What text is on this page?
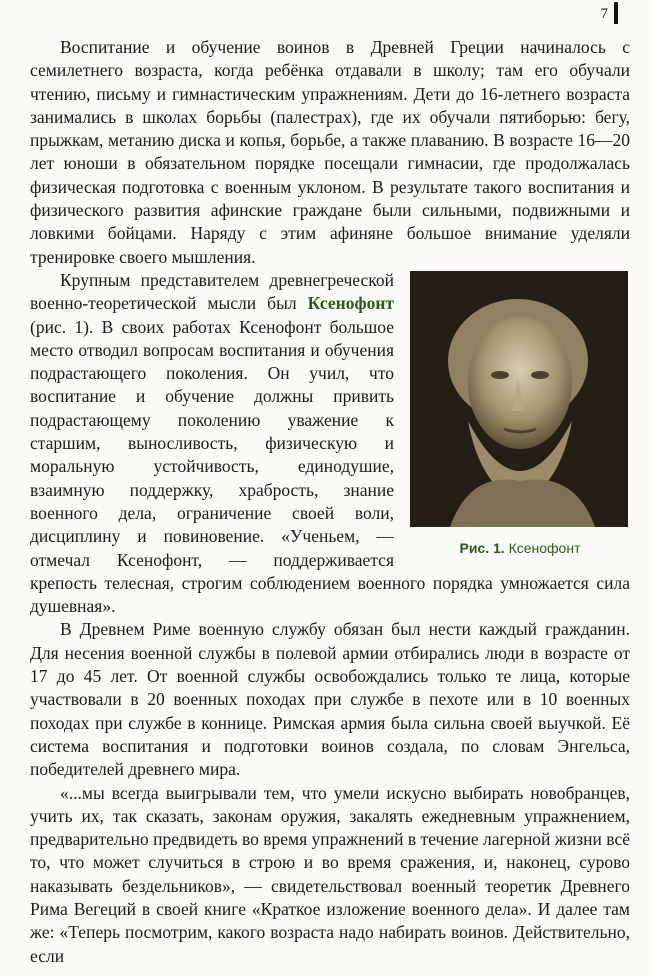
7

Воспитание и обучение воинов в Древней Греции начиналось с семилетнего возраста, когда ребёнка отдавали в школу; там его обучали чтению, письму и гимнастическим упражнениям. Дети до 16-летнего возраста занимались в школах борьбы (палестрах), где их обучали пятиборью: бегу, прыжкам, метанию диска и копья, борьбе, а также плаванию. В возрасте 16—20 лет юноши в обязательном порядке посещали гимнасии, где продолжалась физическая подготовка с военным уклоном. В результате такого воспитания и физического развития афинские граждане были сильными, подвижными и ловкими бойцами. Наряду с этим афиняне большое внимание уделяли тренировке своего мышления.

Рис. 1. Ксенофонт

Крупным представителем древнегреческой военно-теоретической мысли был Ксенофонт (рис. 1). В своих работах Ксенофонт большое место отводил вопросам воспитания и обучения подрастающего поколения. Он учил, что воспитание и обучение должны привить подрастающему поколению уважение к старшим, выносливость, физическую и моральную устойчивость, единодушие, взаимную поддержку, храбрость, знание военного дела, ограничение своей воли, дисциплину и повиновение. «Ученьем, — отмечал Ксенофонт, — поддерживается крепость телесная, строгим соблюдением военного порядка умножается сила душевная».

В Древнем Риме военную службу обязан был нести каждый гражданин. Для несения военной службы в полевой армии отбирались люди в возрасте от 17 до 45 лет. От военной службы освобождались только те лица, которые участвовали в 20 военных походах при службе в пехоте или в 10 военных походах при службе в коннице. Римская армия была сильна своей выучкой. Её система воспитания и подготовки воинов создала, по словам Энгельса, победителей древнего мира.

«...мы всегда выигрывали тем, что умели искусно выбирать новобранцев, учить их, так сказать, законам оружия, закалять ежедневным упражнением, предварительно предвидеть во время упражнений в течение лагерной жизни всё то, что может случиться в строю и во время сражения, и, наконец, сурово наказывать бездельников», — свидетельствовал военный теоретик Древнего Рима Вегеций в своей книге «Краткое изложение военного дела». И далее там же: «Теперь посмотрим, какого возраста надо набирать воинов. Действительно, если
